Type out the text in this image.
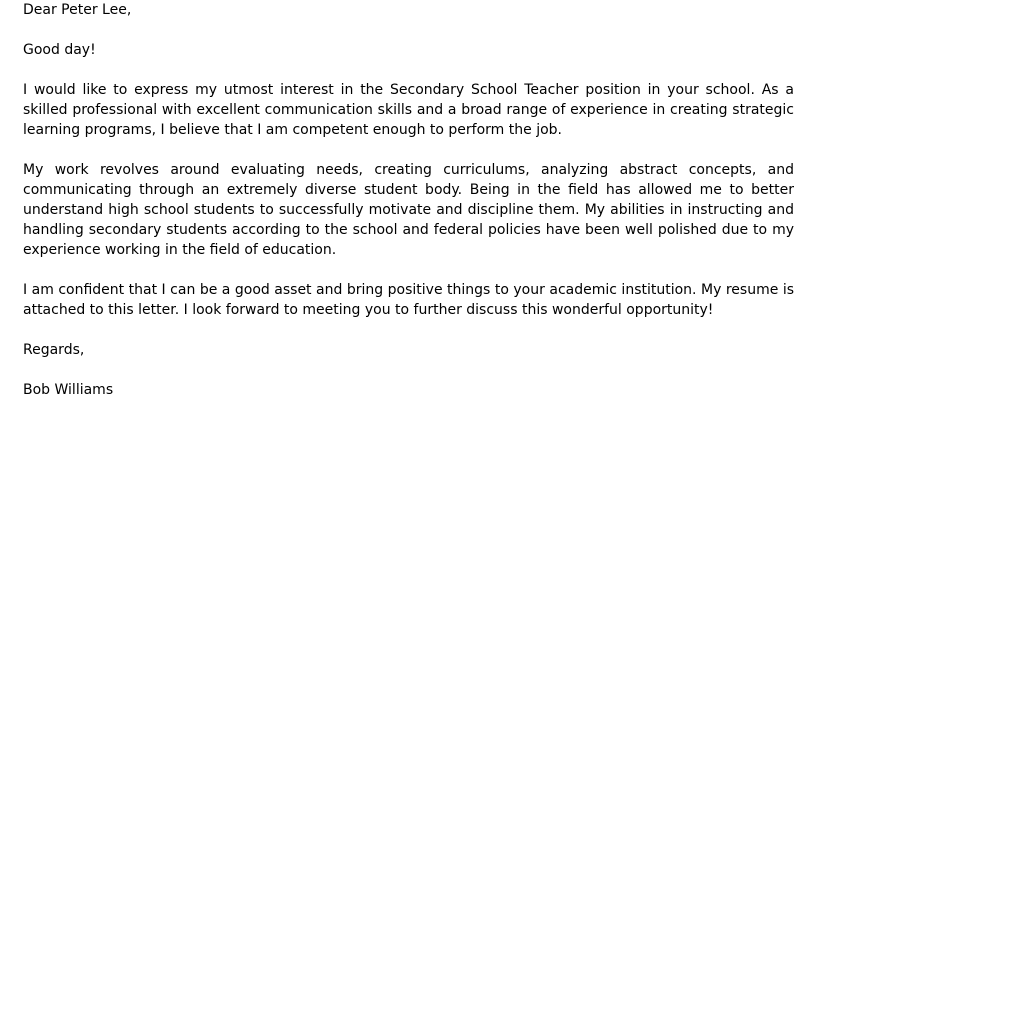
Dear Peter Lee,

Good day!

I would like to express my utmost interest in the Secondary School Teacher position in your school. As a skilled professional with excellent communication skills and a broad range of experience in creating strategic learning programs, I believe that I am competent enough to perform the job.

My work revolves around evaluating needs, creating curriculums, analyzing abstract concepts, and communicating through an extremely diverse student body. Being in the field has allowed me to better understand high school students to successfully motivate and discipline them. My abilities in instructing and handling secondary students according to the school and federal policies have been well polished due to my experience working in the field of education.

I am confident that I can be a good asset and bring positive things to your academic institution. My resume is attached to this letter. I look forward to meeting you to further discuss this wonderful opportunity!

Regards,

Bob Williams
